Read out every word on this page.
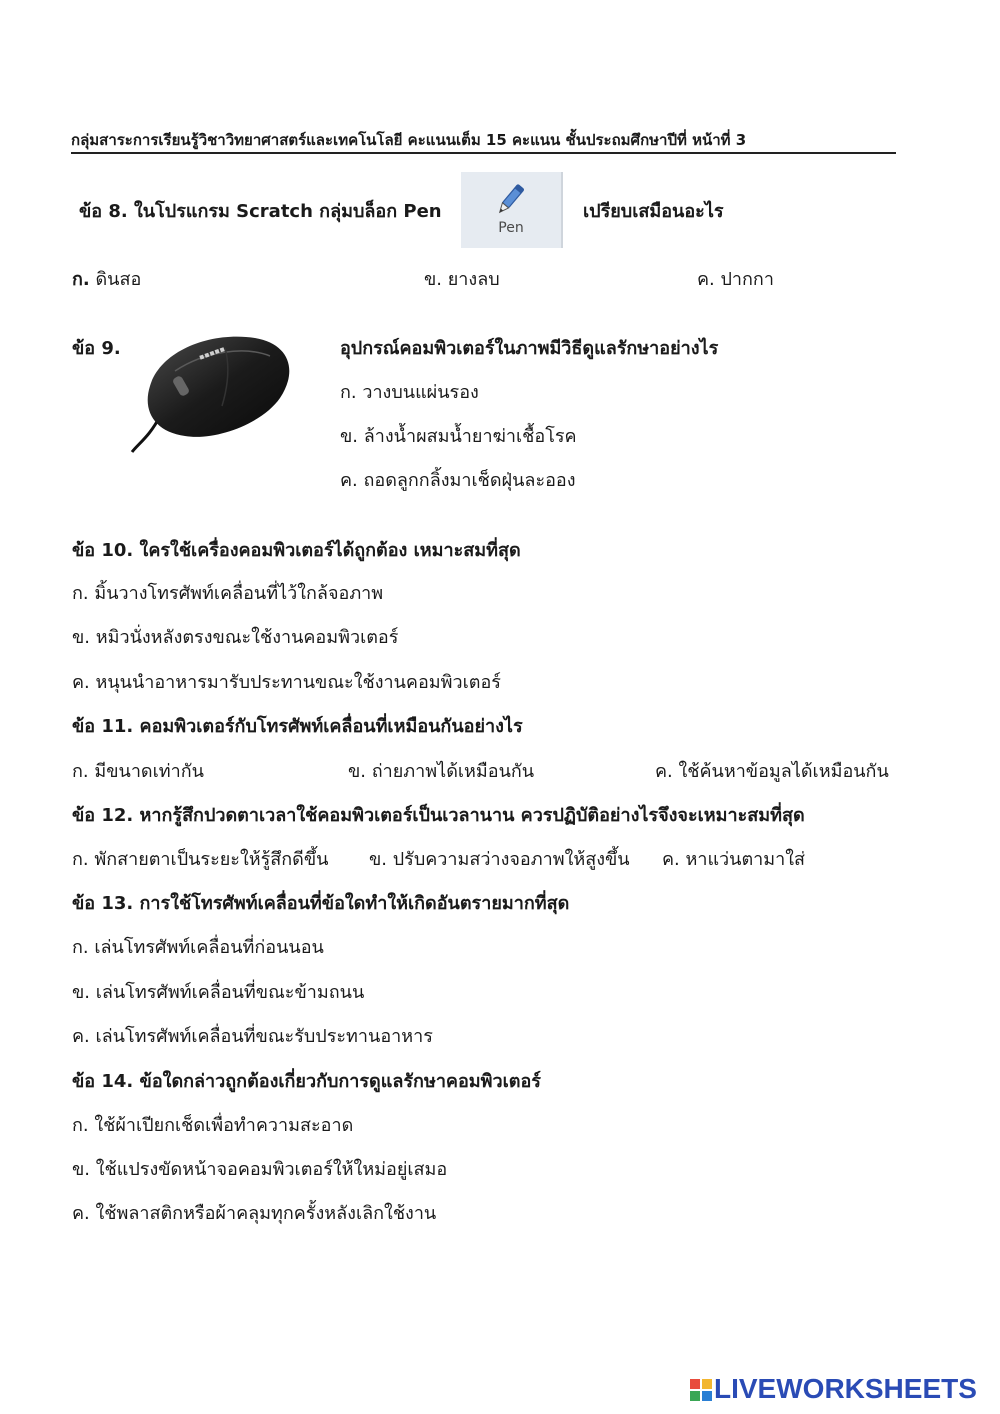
กลุ่มสาระการเรียนรู้วิชาวิทยาศาสตร์และเทคโนโลยี คะแนนเต็ม 15 คะแนน ชั้นประถมศึกษาปีที่ หน้าที่ 3
ข้อ 8. ในโปรแกรม Scratch กลุ่มบล็อก Pen
Pen
เปรียบเสมือนอะไร
ก. ดินสอ	ข. ยางลบ	ค. ปากกา
ข้อ 9.	▪▪▪▪▪	อุปกรณ์คอมพิวเตอร์ในภาพมีวิธีดูแลรักษาอย่างไร
ก. วางบนแผ่นรอง
ข. ล้างน้ำผสมน้ำยาฆ่าเชื้อโรค
ค. ถอดลูกกลิ้งมาเช็ดฝุ่นละออง
ข้อ 10. ใครใช้เครื่องคอมพิวเตอร์ได้ถูกต้อง เหมาะสมที่สุด
ก. มิ้นวางโทรศัพท์เคลื่อนที่ไว้ใกล้จอภาพ
ข. หมิวนั่งหลังตรงขณะใช้งานคอมพิวเตอร์
ค. หนุนนำอาหารมารับประทานขณะใช้งานคอมพิวเตอร์
ข้อ 11. คอมพิวเตอร์กับโทรศัพท์เคลื่อนที่เหมือนกันอย่างไร
ก. มีขนาดเท่ากัน	ข. ถ่ายภาพได้เหมือนกัน	ค. ใช้ค้นหาข้อมูลได้เหมือนกัน
ข้อ 12. หากรู้สึกปวดตาเวลาใช้คอมพิวเตอร์เป็นเวลานาน ควรปฏิบัติอย่างไรจึงจะเหมาะสมที่สุด
ก. พักสายตาเป็นระยะให้รู้สึกดีขึ้น ข. ปรับความสว่างจอภาพให้สูงขึ้น ค. หาแว่นตามาใส่
ข้อ 13. การใช้โทรศัพท์เคลื่อนที่ข้อใดทำให้เกิดอันตรายมากที่สุด
ก. เล่นโทรศัพท์เคลื่อนที่ก่อนนอน
ข. เล่นโทรศัพท์เคลื่อนที่ขณะข้ามถนน
ค. เล่นโทรศัพท์เคลื่อนที่ขณะรับประทานอาหาร
ข้อ 14. ข้อใดกล่าวถูกต้องเกี่ยวกับการดูแลรักษาคอมพิวเตอร์
ก. ใช้ผ้าเปียกเช็ดเพื่อทำความสะอาด
ข. ใช้แปรงขัดหน้าจอคอมพิวเตอร์ให้ใหม่อยู่เสมอ
ค. ใช้พลาสติกหรือผ้าคลุมทุกครั้งหลังเลิกใช้งาน
LIVEWORKSHEETS
